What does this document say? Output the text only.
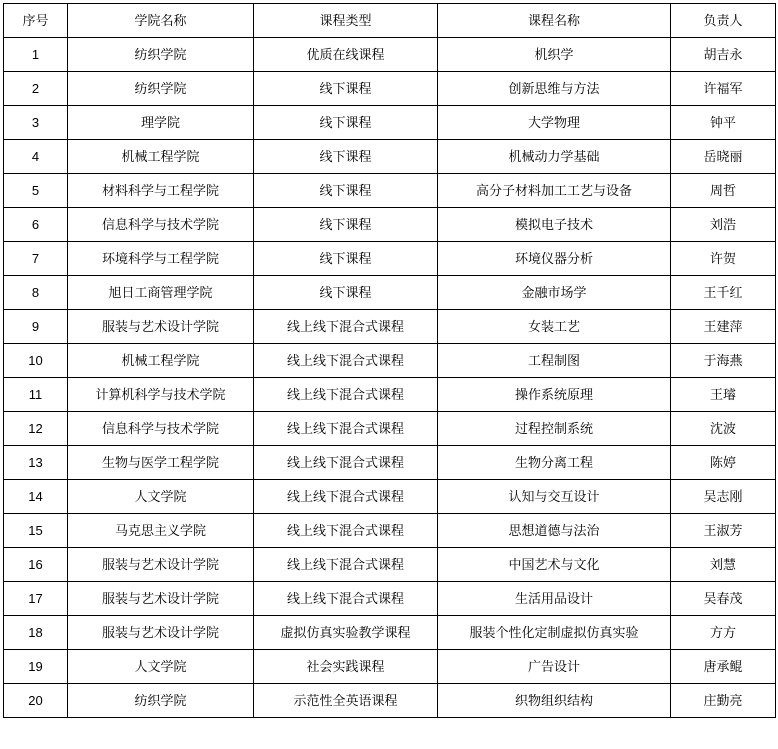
序号	学院名称	课程类型	课程名称	负责人
1	纺织学院	优质在线课程	机织学	胡吉永
2	纺织学院	线下课程	创新思维与方法	许福军
3	理学院	线下课程	大学物理	钟平
4	机械工程学院	线下课程	机械动力学基础	岳晓丽
5	材料科学与工程学院	线下课程	高分子材料加工工艺与设备	周哲
6	信息科学与技术学院	线下课程	模拟电子技术	刘浩
7	环境科学与工程学院	线下课程	环境仪器分析	许贺
8	旭日工商管理学院	线下课程	金融市场学	王千红
9	服装与艺术设计学院	线上线下混合式课程	女装工艺	王建萍
10	机械工程学院	线上线下混合式课程	工程制图	于海燕
11	计算机科学与技术学院	线上线下混合式课程	操作系统原理	王璿
12	信息科学与技术学院	线上线下混合式课程	过程控制系统	沈波
13	生物与医学工程学院	线上线下混合式课程	生物分离工程	陈婷
14	人文学院	线上线下混合式课程	认知与交互设计	吴志刚
15	马克思主义学院	线上线下混合式课程	思想道德与法治	王淑芳
16	服装与艺术设计学院	线上线下混合式课程	中国艺术与文化	刘慧
17	服装与艺术设计学院	线上线下混合式课程	生活用品设计	吴春茂
18	服装与艺术设计学院	虚拟仿真实验教学课程	服装个性化定制虚拟仿真实验	方方
19	人文学院	社会实践课程	广告设计	唐承鲲
20	纺织学院	示范性全英语课程	织物组织结构	庄勤亮
